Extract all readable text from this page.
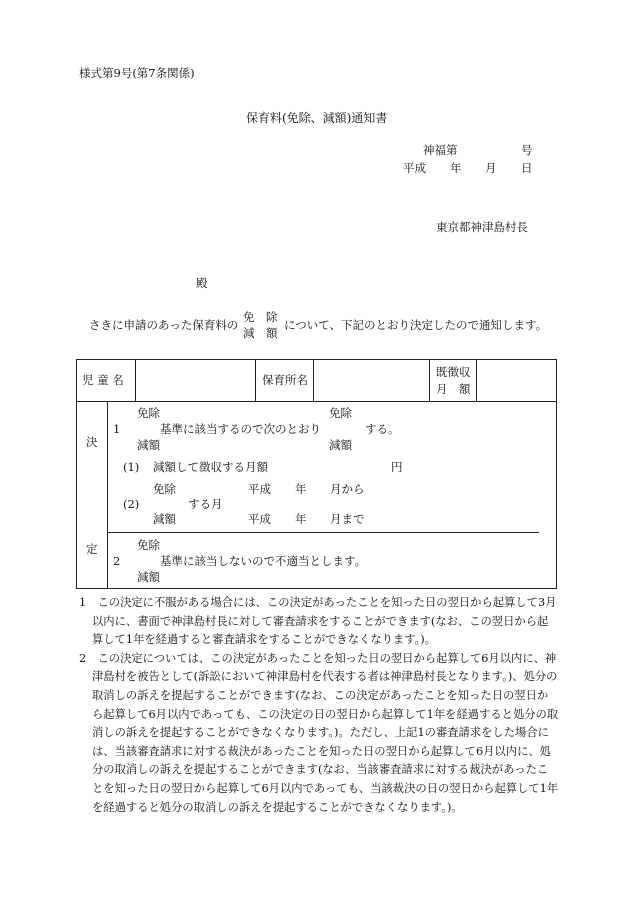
様式第9号(第7条関係)
保育料(免除、減額)通知書
神福第	号
平成 年 月 日
東京都神津島村長
殿
さきに申請のあった保育料の
免　除
減　額
について、下記のとおり決定したので通知します。
児 童 名	保育所名
既徴収
月　額
決
定
免除	免除
1	基準に該当するので次のとおり	する。
減額	減額
(1) 減額して徴収する月額	円
免除	平成 年 月から
(2)	する月
減額	平成 年 月まで
免除
2	基準に該当しないので不適当とします。
減額
1　この決定に不服がある場合には、この決定があったことを知った日の翌日から起算して3月以内に、書面で神津島村長に対して審査請求をすることができます(なお、この翌日から起算して1年を経過すると審査請求をすることができなくなります。)。
2　この決定については、この決定があったことを知った日の翌日から起算して6月以内に、神津島村を被告として(訴訟において神津島村を代表する者は神津島村長となります。)、処分の取消しの訴えを提起することができます(なお、この決定があったことを知った日の翌日から起算して6月以内であっても、この決定の日の翌日から起算して1年を経過すると処分の取消しの訴えを提起することができなくなります。)。ただし、上記1の審査請求をした場合には、当該審査請求に対する裁決があったことを知った日の翌日から起算して6月以内に、処分の取消しの訴えを提起することができます(なお、当該審査請求に対する裁決があったことを知った日の翌日から起算して6月以内であっても、当該裁決の日の翌日から起算して1年を経過すると処分の取消しの訴えを提起することができなくなります。)。
